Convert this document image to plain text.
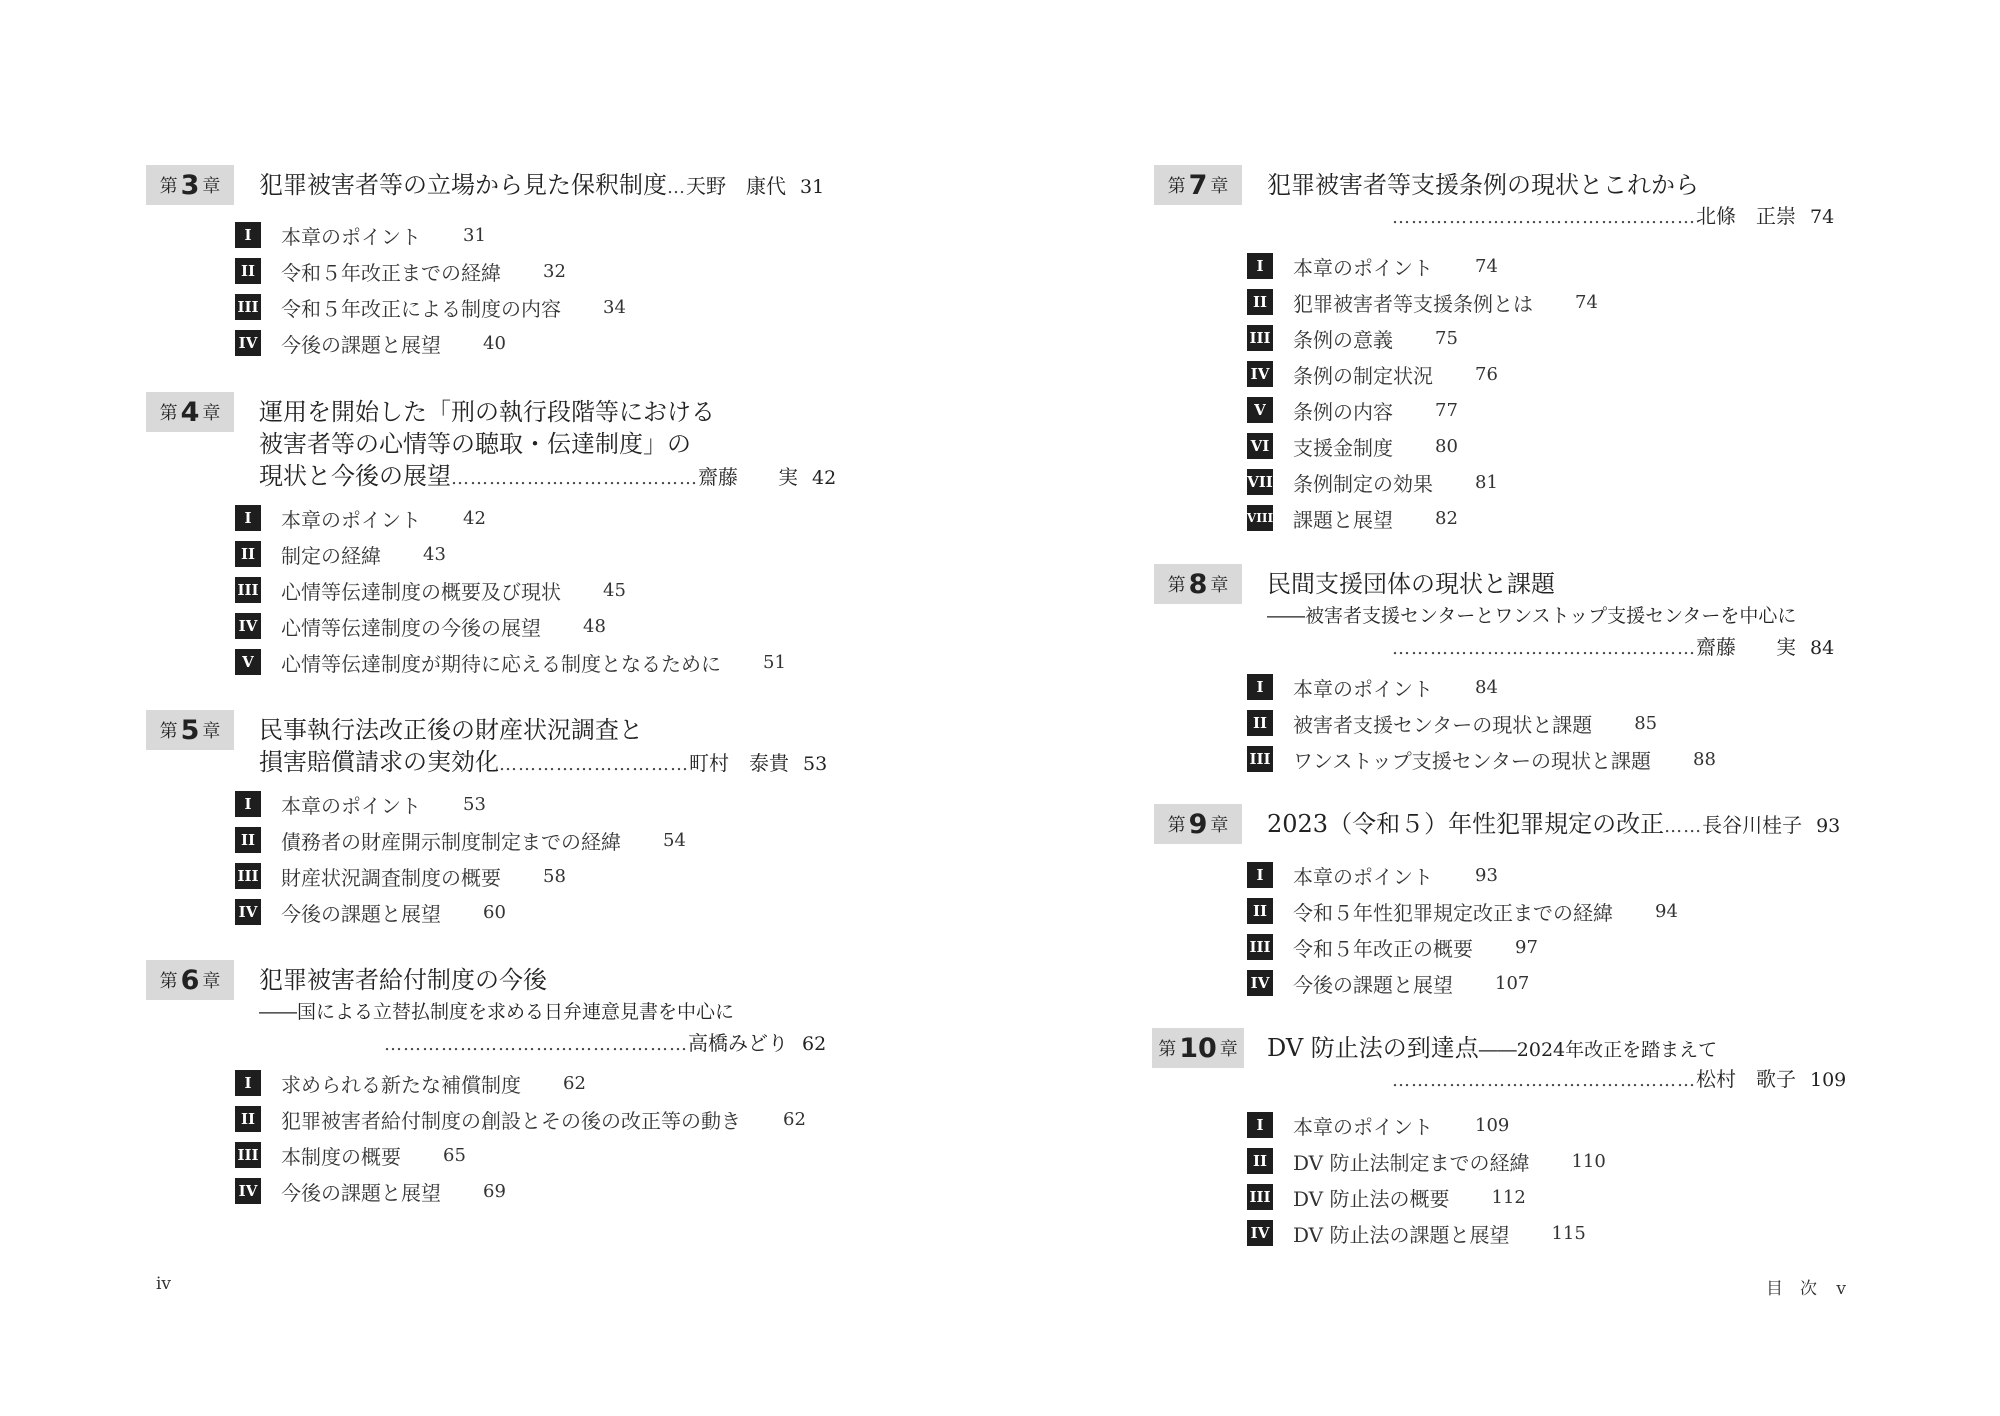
第 3 章 犯罪被害者等の立場から見た保釈制度…天野　康代 31
I	本章のポイント 31
II 令和５年改正までの経緯 32
III 令和５年改正による制度の内容 34
IV 今後の課題と展望 40
第 4 章 運用を開始した「刑の執行段階等における
被害者等の心情等の聴取・伝達制度」の
現状と今後の展望…………………………………齋藤　　実 42
I	本章のポイント 42
II 制定の経緯 43
III 心情等伝達制度の概要及び現状 45
IV 心情等伝達制度の今後の展望 48
V	心情等伝達制度が期待に応える制度となるために 51
第 5 章 民事執行法改正後の財産状況調査と
損害賠償請求の実効化…………………………町村　泰貴 53
I	本章のポイント 53
II 債務者の財産開示制度制定までの経緯 54
III 財産状況調査制度の概要 58
IV 今後の課題と展望 60
第 6 章 犯罪被害者給付制度の今後
――国による立替払制度を求める日弁連意見書を中心に
…………………………………………高橋みどり 62
I	求められる新たな補償制度 62
II 犯罪被害者給付制度の創設とその後の改正等の動き 62
III 本制度の概要 65
IV 今後の課題と展望 69
iv
第 7 章 犯罪被害者等支援条例の現状とこれから
…………………………………………北條　正崇 74
I	本章のポイント 74
II 犯罪被害者等支援条例とは 74
III 条例の意義 75
IV 条例の制定状況 76
V	条例の内容 77
VI 支援金制度 80
VII 条例制定の効果 81
VIII 課題と展望 82
第 8 章 民間支援団体の現状と課題
――被害者支援センターとワンストップ支援センターを中心に
…………………………………………齋藤　　実 84
I	本章のポイント 84
II 被害者支援センターの現状と課題 85
III ワンストップ支援センターの現状と課題 88
第 9 章 2023（令和５）年性犯罪規定の改正……長谷川桂子 93
I	本章のポイント 93
II 令和５年性犯罪規定改正までの経緯 94
III 令和５年改正の概要 97
IV 今後の課題と展望 107
第 10 章 DV 防止法の到達点――2024年改正を踏まえて
…………………………………………松村　歌子 109
I	本章のポイント 109
II DV 防止法制定までの経緯 110
III DV 防止法の概要 112
IV DV 防止法の課題と展望 115
目　次 v
